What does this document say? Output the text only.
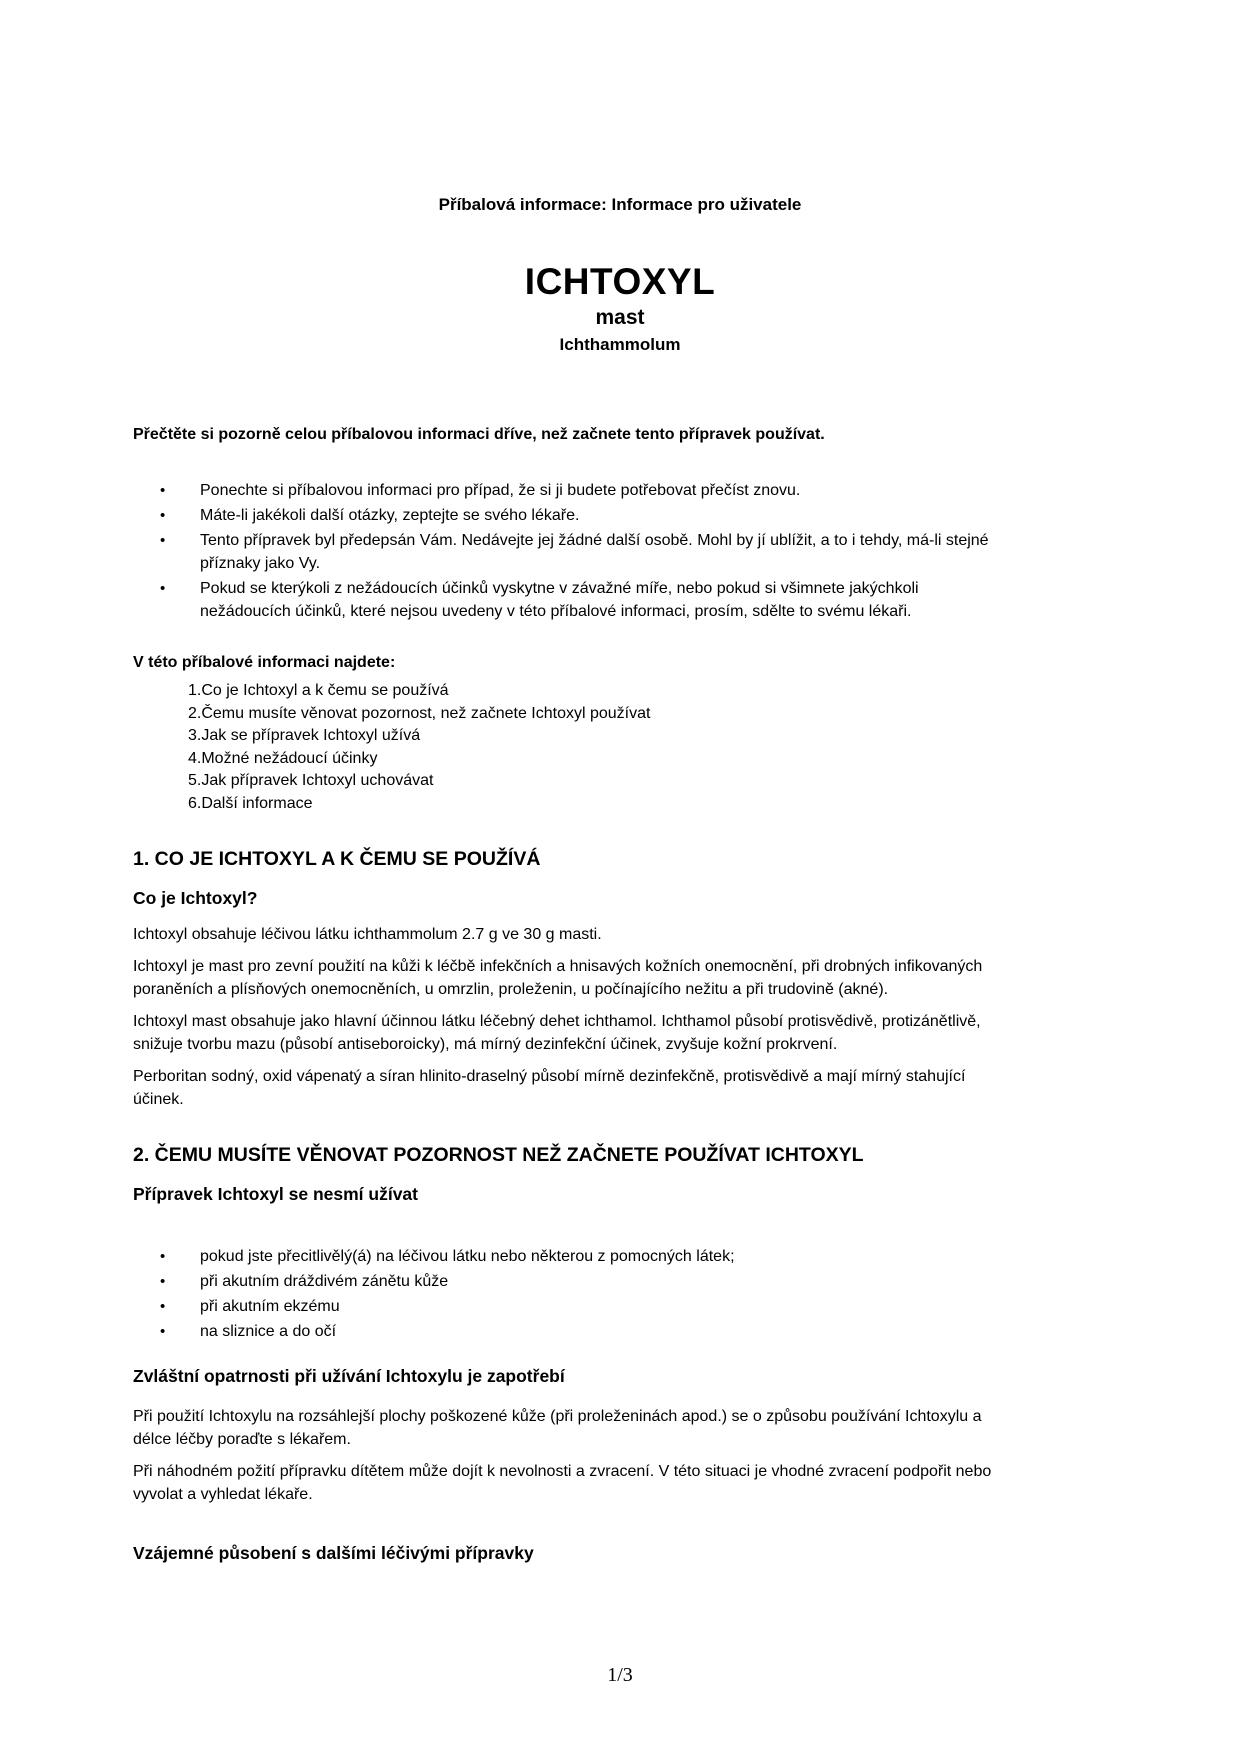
Příbalová informace: Informace pro uživatele
ICHTOXYL
mast
Ichthammolum
Přečtěte si pozorně celou příbalovou informaci dříve, než začnete tento přípravek používat.
•	Ponechte si příbalovou informaci pro případ, že si ji budete potřebovat přečíst znovu.
•	Máte-li jakékoli další otázky, zeptejte se svého lékaře.
•	Tento přípravek byl předepsán Vám. Nedávejte jej žádné další osobě. Mohl by jí ublížit, a to i tehdy, má-li stejné příznaky jako Vy.
•	Pokud se kterýkoli z nežádoucích účinků vyskytne v závažné míře, nebo pokud si všimnete jakýchkoli nežádoucích účinků, které nejsou uvedeny v této příbalové informaci, prosím, sdělte to svému lékaři.
V této příbalové informaci najdete:
1.Co je Ichtoxyl a k čemu se používá
2.Čemu musíte věnovat pozornost, než začnete Ichtoxyl používat
3.Jak se přípravek Ichtoxyl užívá
4.Možné nežádoucí účinky
5.Jak přípravek Ichtoxyl uchovávat
6.Další informace
1. CO JE ICHTOXYL A K ČEMU SE POUŽÍVÁ
Co je Ichtoxyl?

Ichtoxyl obsahuje léčivou látku ichthammolum 2.7 g ve 30 g masti.

Ichtoxyl je mast pro zevní použití na kůži k léčbě infekčních a hnisavých kožních onemocnění, při drobných infikovaných poraněních a plísňových onemocněních, u omrzlin, proleženin, u počínajícího nežitu a při trudovině (akné).

Ichtoxyl mast obsahuje jako hlavní účinnou látku léčebný dehet ichthamol. Ichthamol působí protisvědivě, protizánětlivě, snižuje tvorbu mazu (působí antiseboroicky), má mírný dezinfekční účinek, zvyšuje kožní prokrvení.

Perboritan sodný, oxid vápenatý a síran hlinito-draselný působí mírně dezinfekčně, protisvědivě a mají mírný stahující účinek.

2. ČEMU MUSÍTE VĚNOVAT POZORNOST NEŽ ZAČNETE POUŽÍVAT ICHTOXYL
Přípravek Ichtoxyl se nesmí užívat
•	pokud jste přecitlivělý(á) na léčivou látku nebo některou z pomocných látek;
•	při akutním dráždivém zánětu kůže
•	při akutním ekzému
•	na sliznice a do očí
Zvláštní opatrnosti při užívání Ichtoxylu je zapotřebí

Při použití Ichtoxylu na rozsáhlejší plochy poškozené kůže (při proleženinách apod.) se o způsobu používání Ichtoxylu a délce léčby poraďte s lékařem.

Při náhodném požití přípravku dítětem může dojít k nevolnosti a zvracení. V této situaci je vhodné zvracení podpořit nebo vyvolat a vyhledat lékaře.

Vzájemné působení s dalšími léčivými přípravky
1/3
